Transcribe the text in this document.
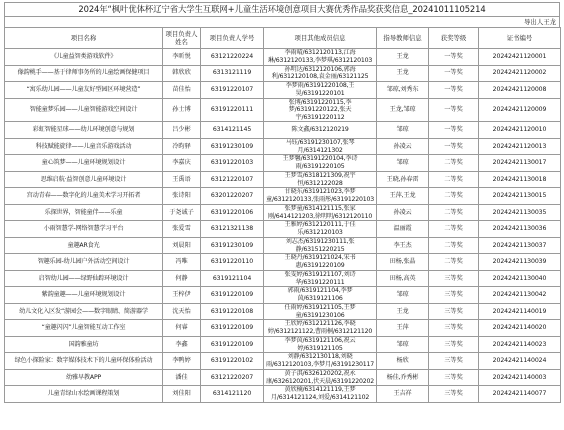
2024年“枫叶优体杯辽宁省大学生互联网+儿童生活环境创意项目大赛优秀作品奖获奖信息_20241011105214
导出人王龙
项目名称	项目负责人姓名	项目负责人学号	项目其他成员信息	指导教师信息	获奖等级	证书编号
《儿童益智类游戏软件》	李昕悦	63121220224	李雨晴/6312120113,江海琳/6312120133,李梦琪/6312120103	王龙	一等奖	20242421120001
像韵桃手——基于律师事务所的儿童绘画保健项目	韩欣欣	6313121119	孙明达/6312120106,郭海利/6312120108,袁金丽/63121125	王龙	一等奖	20242421120002
“寓乐幼儿园——儿童友好型园区环境营造”	苗佳怡	63191220107	李梦雨/63191220108,王昊/63191220101	邹琼,刘秀东	一等奖	20242421120008
智能童梦乐园——儿童智能游戏空间设计	孙士博	63191220111	张博/63191220115,李梦/63191220122,张天宇/63191220112	王龙,邹琼	一等奖	20242421120009
彩虹智能星球——幼儿环境创意与规划	吕少彬	6314121145	陈文鑫/6312120219	邹琼	一等奖	20242421120010
科技赋能旋律——儿童音乐游戏活动	冷昀驿	63191230109	马钰/63191230107,张琴月/6314121302	孙凌云	一等奖	20242421120013
童心筑梦——儿童环境规划设计	李嘉庆	63191220103	王梦馨/63191220104,李诗雨/63191220105	邹琼	二等奖	20242421130017
思维启航·益智创意儿童环境设计	王禹语	63121220107	王梦雪/6318121309,祝宇恒/6312122028	王晓,孙春雷	二等奖	20242421130018
宫动青春——数字化的儿童美术学习开拓者	张诗阳	63201220207	甘晓东/6319121023,李梦童/6312120133,张雨彤/63191220103	王萍,王龙	二等奖	20242421130015
乐探世界，智能童伴——乐童	于尧诚子	63191220106	张梦童/6314121115,张家刚/6414121203,徐明明/6312120110	孙凌云	二等奖	20242421130035
小雨智慧学-网络智慧学习平台	张爱雪	63121321138	王雅婷/6312120111,于佳乐/6312120103	温丽霞	二等奖	20242421130036
童趣AR食光	刘晨阳	63191230109	刘志杰/63191230111,张静/63151220215	李王杰	二等奖	20242421130037
智趣乐园-幼儿园户外活动空间设计	冯唯	63191220110	王晓丹/6319121024,宋书惠/63191220109	田杨,张晶	二等奖	20242421130039
启智幼儿园——绿野仙踪环境设计	何静	6319121104	张雯婷/6319121107,刘诗华/63191220111	田杨,高英	三等奖	20242421130040
紫韵童趣——儿童环境规划设计	王梓伊	63191220109	郭雨/6319121104,李梦茵/6319121106	邹琼	三等奖	20242421130042
幼儿文化入区发“游园会——数字眼睛、简游器学	沈天怡	63191220108	任雨婷/6319121105,王梦童/63191230106	王龙	三等奖	20242421140019
“童趣闪闪”儿童智能互动工作室	何睿	63191220109	王欣婷/6312121126,李晓婷/6312121122,曹雨桐/6312121120	王萍	三等奖	20242421140020
国韵雅童坊	李鑫	63191220109	李梦茵/6319121106,祝云婷/6319121105	邹琼	三等奖	20242421140023
绿色小探险家：数字媒体技术下的儿童环保体验活动	李鸭婷	63191220102	刘静/6312130118,刘晓雨/6312120103,李梦月/63191230117	杨欣	三等奖	20242421140024
幼雅早教APP	潘佳	63121220207	黄子淇/6326120202,祝永康/6326120201,伏天晨/63191220202	杨佳,乔秀彬	三等奖	20242421140003
儿童青绿山水绘画课程策划	刘佳阳	6314121120	黄欣楠/6314121119,王梦月/6314121124,刘爱/6314121102	王吉祥	三等奖	20242421140077
